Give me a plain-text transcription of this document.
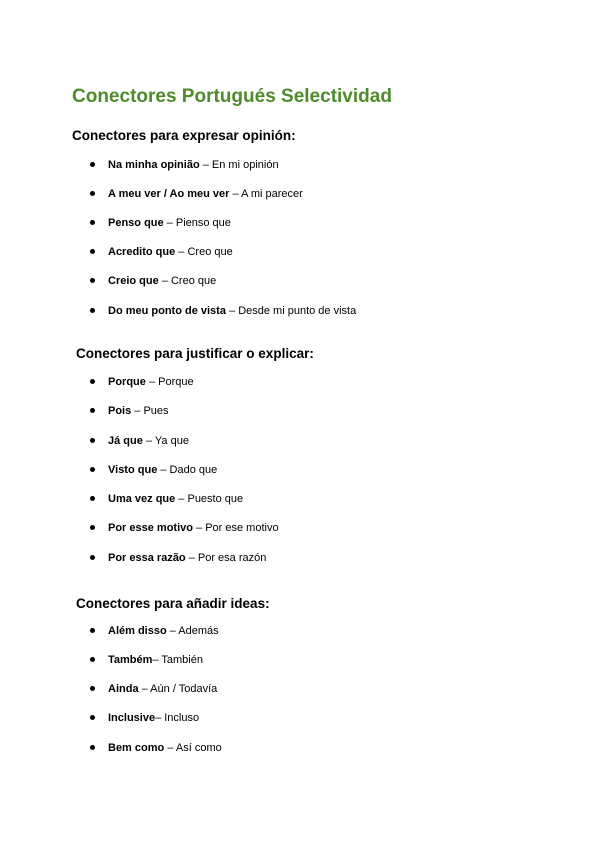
Conectores Portugués Selectividad
Conectores para expresar opinión:
Na minha opinião – En mi opinión
A meu ver / Ao meu ver – A mi parecer
Penso que – Pienso que
Acredito que – Creo que
Creio que – Creo que
Do meu ponto de vista – Desde mi punto de vista
Conectores para justificar o explicar:
Porque – Porque
Pois – Pues
Já que – Ya que
Visto que – Dado que
Uma vez que – Puesto que
Por esse motivo – Por ese motivo
Por essa razão – Por esa razón
Conectores para añadir ideas:
Além disso – Además
Também– También
Ainda – Aún / Todavía
Inclusive– Incluso
Bem como – Así como
